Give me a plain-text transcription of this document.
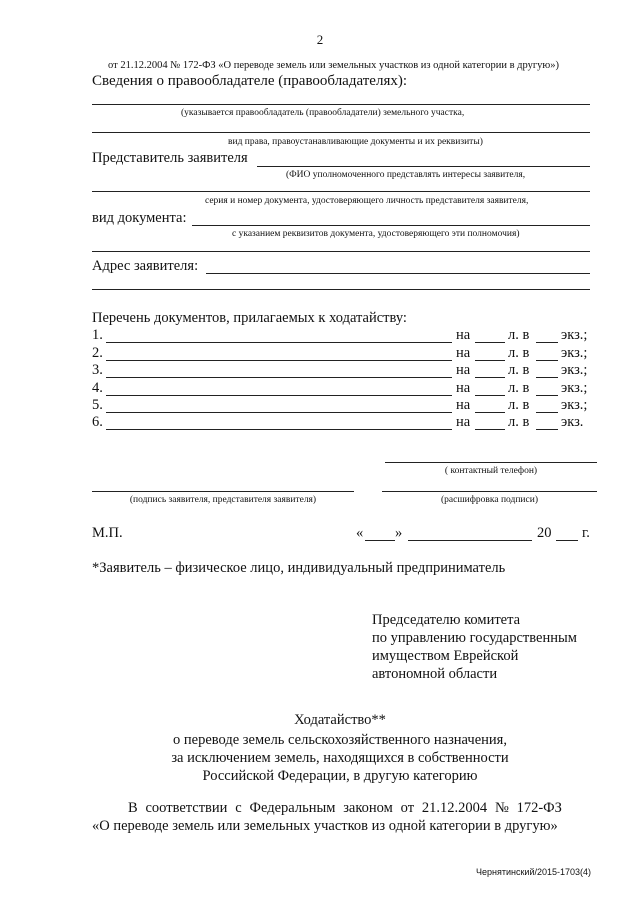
2
от 21.12.2004 № 172-ФЗ «О переводе земель или земельных участков из одной категории в другую»)
Сведения о правообладателе (правообладателях):
(указывается правообладатель (правообладатели) земельного участка,
вид права, правоустанавливающие документы и их реквизиты)
Представитель заявителя
(ФИО уполномоченного представлять интересы заявителя,
серия и номер документа, удостоверяющего личность представителя заявителя,
вид документа:
с указанием реквизитов документа, удостоверяющего эти полномочия)
Адрес заявителя:
Перечень документов, прилагаемых к ходатайству:
1.	на	л. в экз.;
2.	на	л. в экз.;
3.	на	л. в экз.;
4.	на	л. в экз.;
5.	на	л. в экз.;
6.	на	л. в экз.
( контактный телефон)
(подпись заявителя, представителя заявителя)	(расшифровка подписи)
М.П.	« »	20 г.
*Заявитель – физическое лицо, индивидуальный предприниматель
Председателю комитета
по управлению государственным
имуществом Еврейской
автономной области
Ходатайство**
о переводе земель сельскохозяйственного назначения,
за исключением земель, находящихся в собственности
Российской Федерации, в другую категорию
В соответствии с Федеральным законом от 21.12.2004 № 172-ФЗ
«О переводе земель или земельных участков из одной категории в другую»
Чернятинский/2015-1703(4)
